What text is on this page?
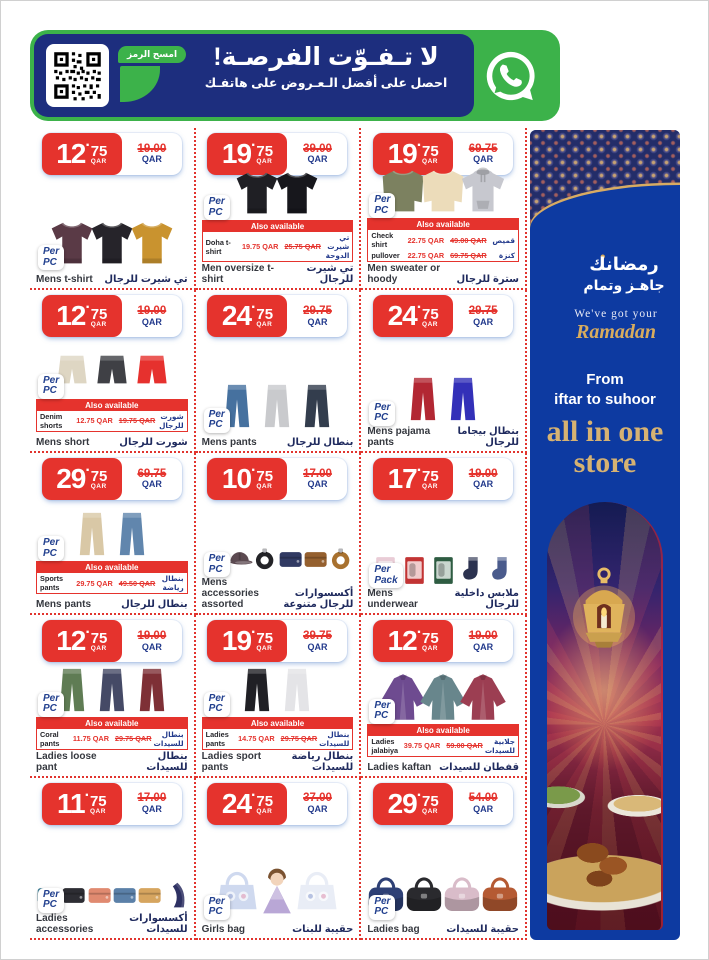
امسح الرمز	لا تـفـوّت الفرصـة!
احصل على أفضل الـعـروض على هاتفـك
12 · 75
QAR
19.00
QAR
Per
PC
Mens t-shirt تي شيرت للرجال
19 · 75
QAR
39.00
QAR
Per
PC
Also available
Doha t-shirt	19.75 QAR 25.75 QAR
تي شيرت الدوحة
Men oversize t-shirt
تي شيرت للرجال
19 · 75
QAR
69.75
QAR
Per
PC
Also available
Check shirt	22.75 QAR 49.00 QAR قميص
pullover	22.75 QAR 69.75 QAR	كنزة
Men sweater or hoody	سترة للرجال
12 · 75
QAR
19.00
QAR
Per
PC
Also available
Denim shorts	12.75 QAR 19.75 QAR شورت للرجال
Mens short	شورت للرجال
24 · 75
QAR
29.75
QAR
Per
PC
Mens pants	بنطال للرجال
24 · 75
QAR
29.75
QAR
Per
PC
Mens pajama pants
بنطال بيجاما للرجال
29 · 75
QAR
69.75
QAR
Per
PC
Also available
Sports pants	29.75 QAR 49.50 QAR بنطال رياضة
Mens pants	بنطال للرجال
10 · 75
QAR
17.00
QAR
Per
PC
Mens accessories assorted
أكسسوارات للرجال متنوعة
17 · 75
QAR
19.00
QAR
Per
Pack
Mens underwear
ملابس داخلية للرجال
12 · 75
QAR
19.00
QAR
Per
PC
Also available
Coral pants	11.75 QAR 29.75 QAR	بنطال للسيدات
Ladies loose pant
بنطال للسيدات
19 · 75
QAR
39.75
QAR
Per
PC
Also available
Ladies pants	14.75 QAR 29.75 QAR	بنطال للسيدات
Ladies sport pants
بنطال رياضة للسيدات
12 · 75
QAR
19.00
QAR
Per
PC
Also available
Ladies jalabiya 39.75 QAR 59.00 QAR	جلابية للسيدات
Ladies kaftan قفطان للسيدات
11 · 75
QAR
17.00
QAR
Per
PC
Ladies accessories
أكسسوارات للسيدات
24 · 75
QAR
37.00
QAR
Per
PC
Girls bag	حقيبة للبنات
29 · 75
QAR
54.00
QAR
Per
PC
Ladies bag	حقيبة للسيدات
رمضانك
جاهـز وتمام
We've got your
Ramadan
From
iftar to suhoor
all in one
store
